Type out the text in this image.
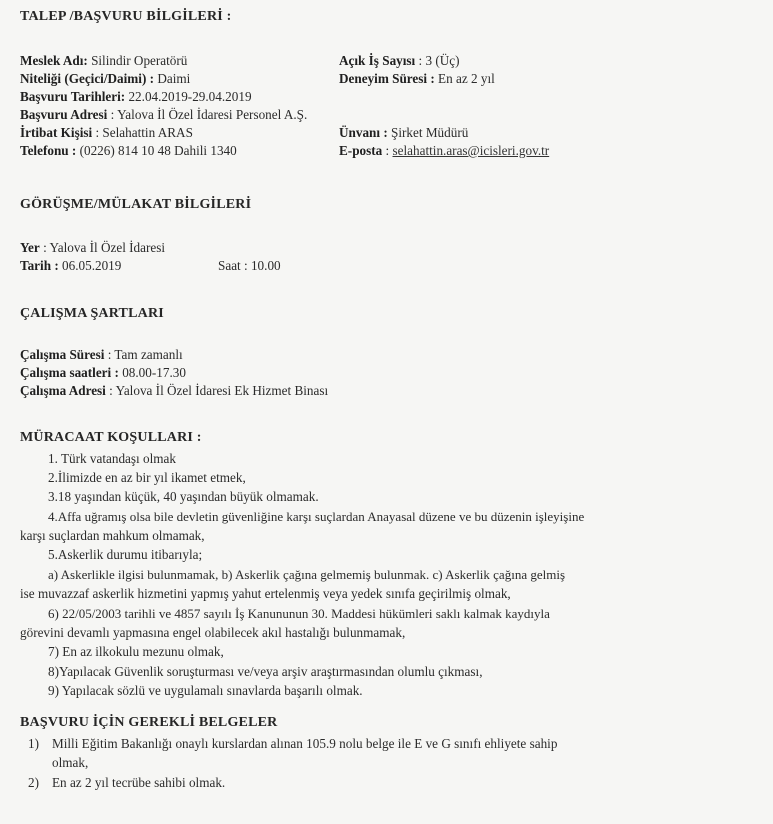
TALEP /BAŞVURU BİLGİLERİ :
Meslek Adı: Silindir Operatörü	Açık İş Sayısı : 3 (Üç)
Niteliği (Geçici/Daimi) : Daimi	Deneyim Süresi : En az 2 yıl
Başvuru Tarihleri: 22.04.2019-29.04.2019
Başvuru Adresi : Yalova İl Özel İdaresi Personel A.Ş.
İrtibat Kişisi : Selahattin ARAS	Ünvanı : Şirket Müdürü
Telefonu : (0226) 814 10 48 Dahili 1340	E-posta : selahattin.aras@icisleri.gov.tr
GÖRÜŞME/MÜLAKAT BİLGİLERİ
Yer : Yalova İl Özel İdaresi
Tarih : 06.05.2019	Saat : 10.00
ÇALIŞMA ŞARTLARI
Çalışma Süresi : Tam zamanlı
Çalışma saatleri : 08.00-17.30
Çalışma Adresi : Yalova İl Özel İdaresi Ek Hizmet Binası
MÜRACAAT KOŞULLARI :
1. Türk vatandaşı olmak
2.İlimizde en az bir yıl ikamet etmek,
3.18 yaşından küçük, 40 yaşından büyük olmamak.
4.Affa uğramış olsa bile devletin güvenliğine karşı suçlardan Anayasal düzene ve bu düzenin işleyişine
karşı suçlardan mahkum olmamak,
5.Askerlik durumu itibarıyla;
a) Askerlikle ilgisi bulunmamak, b) Askerlik çağına gelmemiş bulunmak. c) Askerlik çağına gelmiş
ise muvazzaf askerlik hizmetini yapmış yahut ertelenmiş veya yedek sınıfa geçirilmiş olmak,
6) 22/05/2003 tarihli ve 4857 sayılı İş Kanununun 30. Maddesi hükümleri saklı kalmak kaydıyla
görevini devamlı yapmasına engel olabilecek akıl hastalığı bulunmamak,
7) En az ilkokulu mezunu olmak,
8)Yapılacak Güvenlik soruşturması ve/veya arşiv araştırmasından olumlu çıkması,
9) Yapılacak sözlü ve uygulamalı sınavlarda başarılı olmak.
BAŞVURU İÇİN GEREKLİ BELGELER
1) Milli Eğitim Bakanlığı onaylı kurslardan alınan 105.9 nolu belge ile E ve G sınıfı ehliyete sahip
olmak,
2) En az 2 yıl tecrübe sahibi olmak.
